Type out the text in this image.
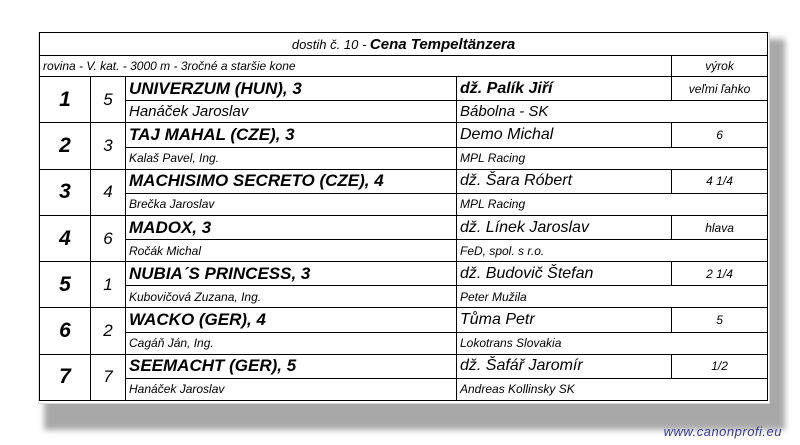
dostih č. 10 - Cena Tempeltänzera				
rovina - V. kat. - 3000 m - 3ročné a staršie kone				výrok
1	5	UNIVERZUM (HUN), 3	dž. Palík Jiří	veľmi ľahko
		Hanáček Jaroslav	Bábolna - SK	
2	3	TAJ MAHAL (CZE), 3	Demo Michal	6
		Kalaš Pavel, Ing.	MPL Racing	
3	4	MACHISIMO SECRETO (CZE), 4	dž. Šara Róbert	4 1/4
		Brečka Jaroslav	MPL Racing	
4	6	MADOX, 3	dž. Línek Jaroslav	hlava
		Ročák Michal	FeD, spol. s r.o.	
5	1	NUBIA´S PRINCESS, 3	dž. Budovič Štefan	2 1/4
		Kubovičová Zuzana, Ing.	Peter Mužila	
6	2	WACKO (GER), 4	Tůma Petr	5
		Cagáň Ján, Ing.	Lokotrans Slovakia	
7	7	SEEMACHT (GER), 5	dž. Šafář Jaromír	1/2
		Hanáček Jaroslav	Andreas Kollinsky SK	
www.canonprofi.eu
